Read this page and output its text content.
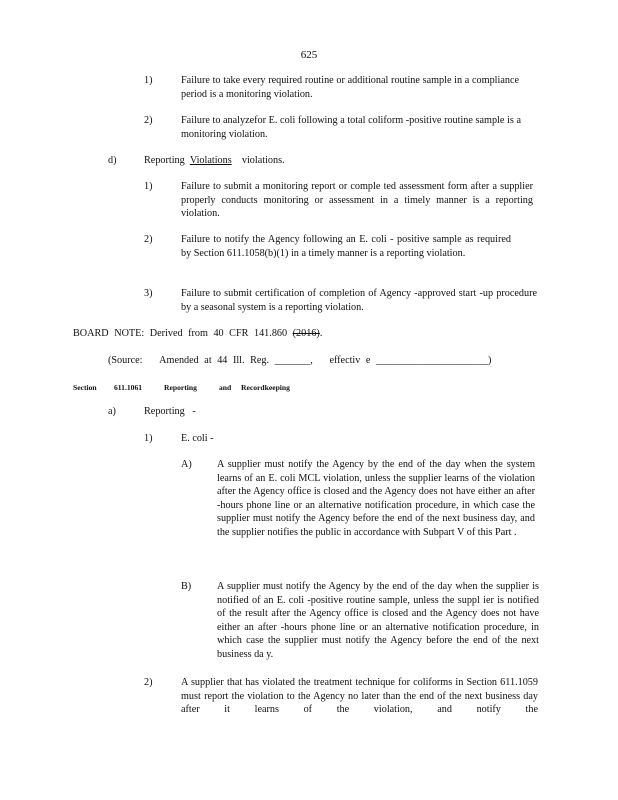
625
1)	Failure to take every required routine or additional routine sample in a compliance period is a monitoring violation.
2)	Failure to analyzefor E. coli following a total coliform -positive routine sample is a monitoring violation.
d)	Reporting Violations violations.
1)	Failure to submit a monitoring report or comple ted assessment form after a supplier properly conducts monitoring or assessment in a timely manner is a reporting violation.
2)	Failure to notify the Agency following an E. coli - positive sample as required by Section 611.1058(b)(1) in a timely manner is a reporting violation.
3)	Failure to submit certification of completion of Agency -approved start -up procedure by a seasonal system is a reporting violation.
BOARD NOTE: Derived from 40 CFR 141.860 (2016).
(Source: Amended at 44 Ill. Reg. _______, effectiv e ______________________)
Section 611.1061	Reporting	and Recordkeeping
a)	Reporting -
1)	E. coli -
A) A supplier must notify the Agency by the end of the day when the system learns of an E. coli MCL violation, unless the supplier learns of the violation after the Agency office is closed and the Agency does not have either an after -hours phone line or an alternative notification procedure, in which case the supplier must notify the Agency before the end of the next business day, and the supplier notifies the public in accordance with Subpart V of this Part .
B)	A supplier must notify the Agency by the end of the day when the supplier is notified of an E. coli -positive routine sample, unless the suppl ier is notified of the result after the Agency office is closed and the Agency does not have either an after -hours phone line or an alternative notification procedure, in which case the supplier must notify the Agency before the end of the next business da y.
2)	A supplier that has violated the treatment technique for coliforms in Section 611.1059 must report the violation to the Agency no later than the end of the next business day after it learns of the violation, and notify the
